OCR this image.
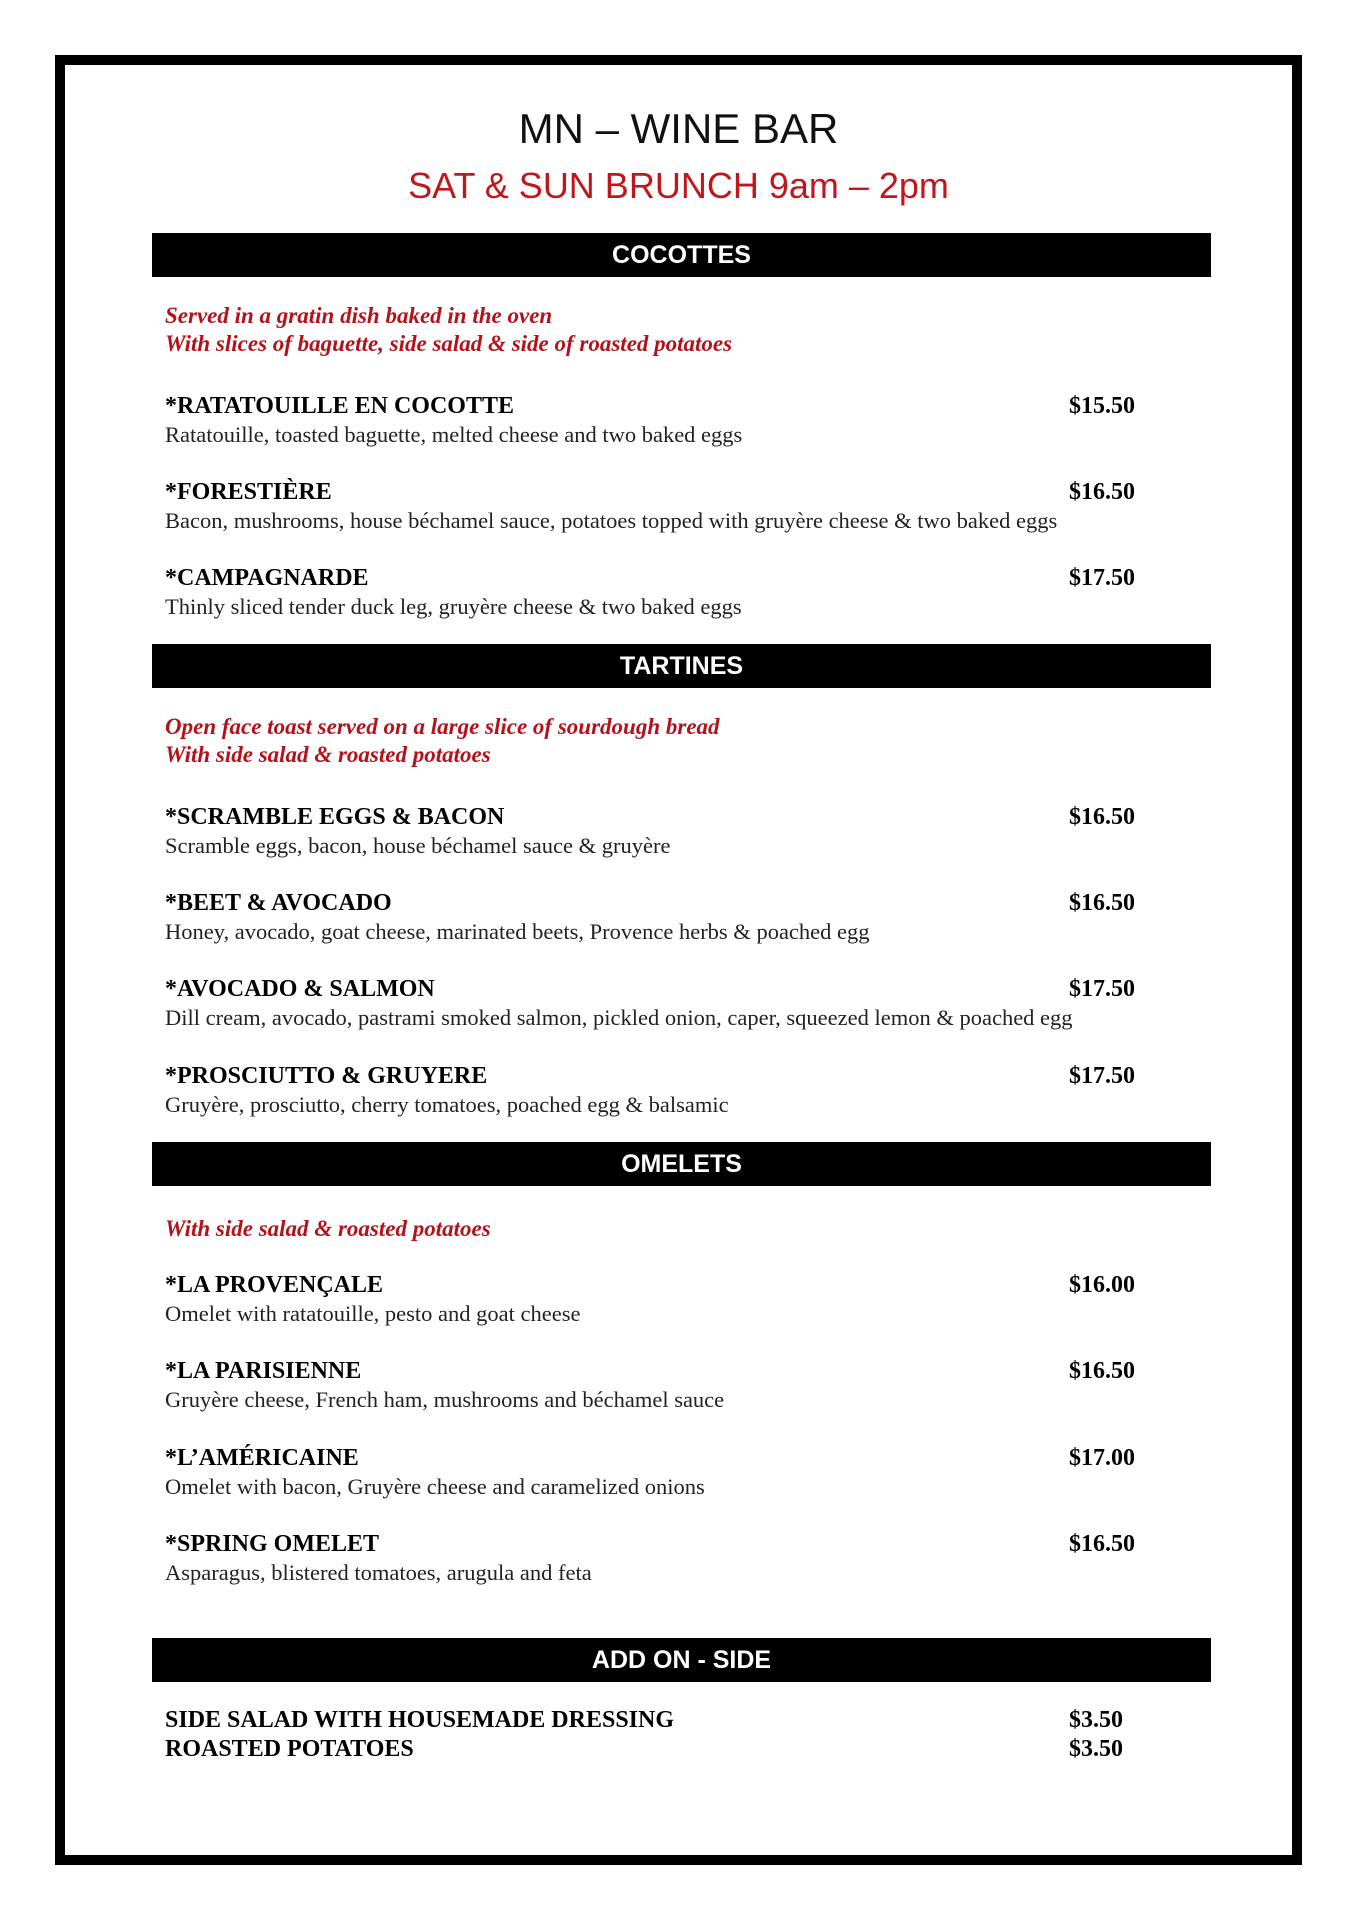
MN – WINE BAR
SAT & SUN BRUNCH 9am – 2pm
COCOTTES
Served in a gratin dish baked in the oven
With slices of baguette, side salad & side of roasted potatoes
*RATATOUILLE EN COCOTTE	$15.50
Ratatouille, toasted baguette, melted cheese and two baked eggs
*FORESTIÈRE	$16.50
Bacon, mushrooms, house béchamel sauce, potatoes topped with gruyère cheese & two baked eggs
*CAMPAGNARDE	$17.50
Thinly sliced tender duck leg, gruyère cheese & two baked eggs
TARTINES
Open face toast served on a large slice of sourdough bread
With side salad & roasted potatoes
*SCRAMBLE EGGS & BACON	$16.50
Scramble eggs, bacon, house béchamel sauce & gruyère
*BEET & AVOCADO	$16.50
Honey, avocado, goat cheese, marinated beets, Provence herbs & poached egg
*AVOCADO & SALMON	$17.50
Dill cream, avocado, pastrami smoked salmon, pickled onion, caper, squeezed lemon & poached egg
*PROSCIUTTO & GRUYERE	$17.50
Gruyère, prosciutto, cherry tomatoes, poached egg & balsamic
OMELETS
With side salad & roasted potatoes
*LA PROVENÇALE	$16.00
Omelet with ratatouille, pesto and goat cheese
*LA PARISIENNE	$16.50
Gruyère cheese, French ham, mushrooms and béchamel sauce
*L’AMÉRICAINE	$17.00
Omelet with bacon, Gruyère cheese and caramelized onions
*SPRING OMELET	$16.50
Asparagus, blistered tomatoes, arugula and feta
ADD ON - SIDE
SIDE SALAD WITH HOUSEMADE DRESSING	$3.50
ROASTED POTATOES	$3.50
